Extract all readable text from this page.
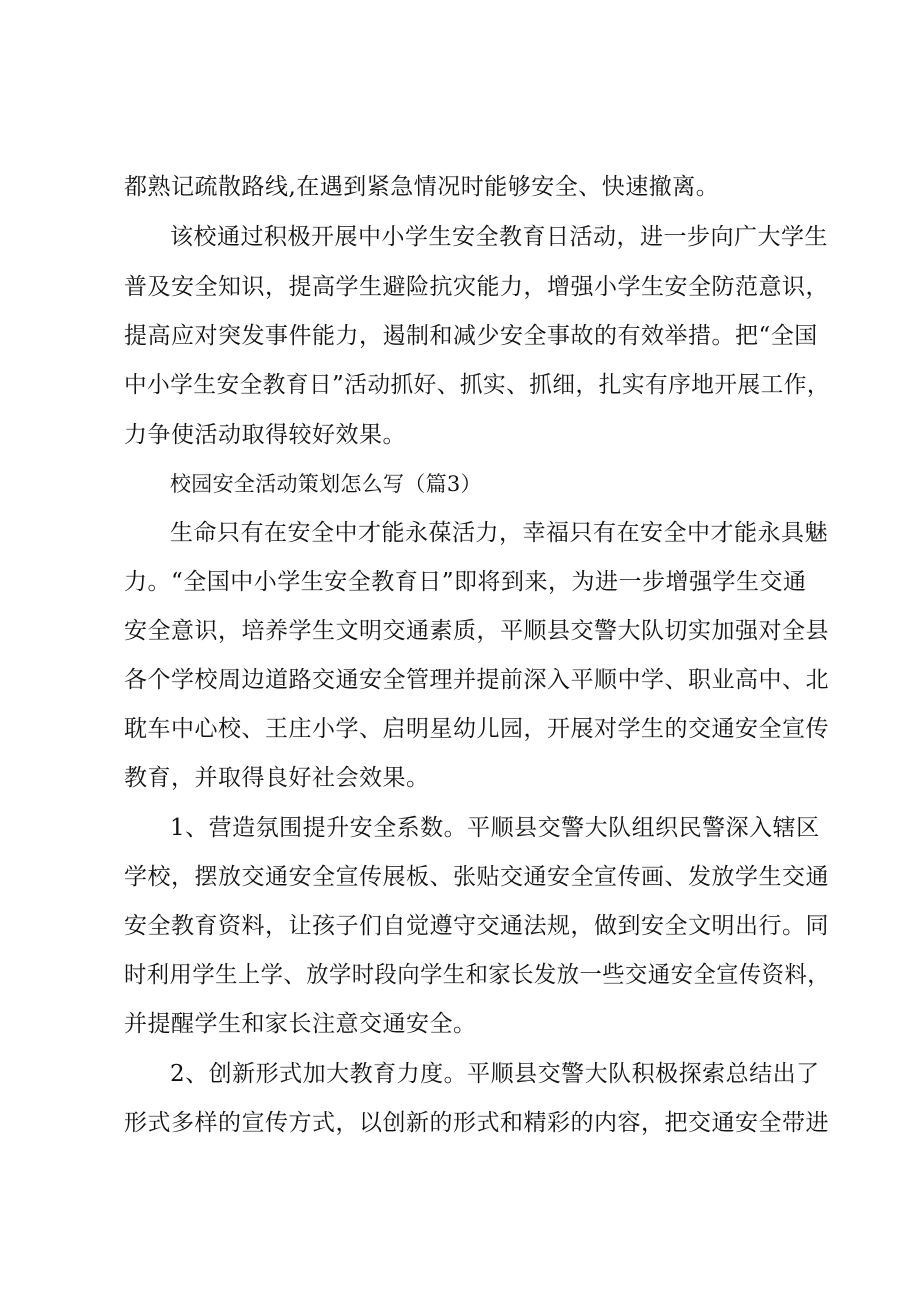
都熟记疏散路线,在遇到紧急情况时能够安全、快速撤离。
该校通过积极开展中小学生安全教育日活动，进一步向广大学生
普及安全知识，提高学生避险抗灾能力，增强小学生安全防范意识，
提高应对突发事件能力，遏制和减少安全事故的有效举措。把“全国
中小学生安全教育日”活动抓好、抓实、抓细，扎实有序地开展工作，
力争使活动取得较好效果。
校园安全活动策划怎么写（篇3）
生命只有在安全中才能永葆活力，幸福只有在安全中才能永具魅
力。“全国中小学生安全教育日”即将到来，为进一步增强学生交通
安全意识，培养学生文明交通素质，平顺县交警大队切实加强对全县
各个学校周边道路交通安全管理并提前深入平顺中学、职业高中、北
耽车中心校、王庄小学、启明星幼儿园，开展对学生的交通安全宣传
教育，并取得良好社会效果。
1、营造氛围提升安全系数。平顺县交警大队组织民警深入辖区
学校，摆放交通安全宣传展板、张贴交通安全宣传画、发放学生交通
安全教育资料，让孩子们自觉遵守交通法规，做到安全文明出行。同
时利用学生上学、放学时段向学生和家长发放一些交通安全宣传资料，
并提醒学生和家长注意交通安全。
2、创新形式加大教育力度。平顺县交警大队积极探索总结出了
形式多样的宣传方式，以创新的形式和精彩的内容，把交通安全带进
